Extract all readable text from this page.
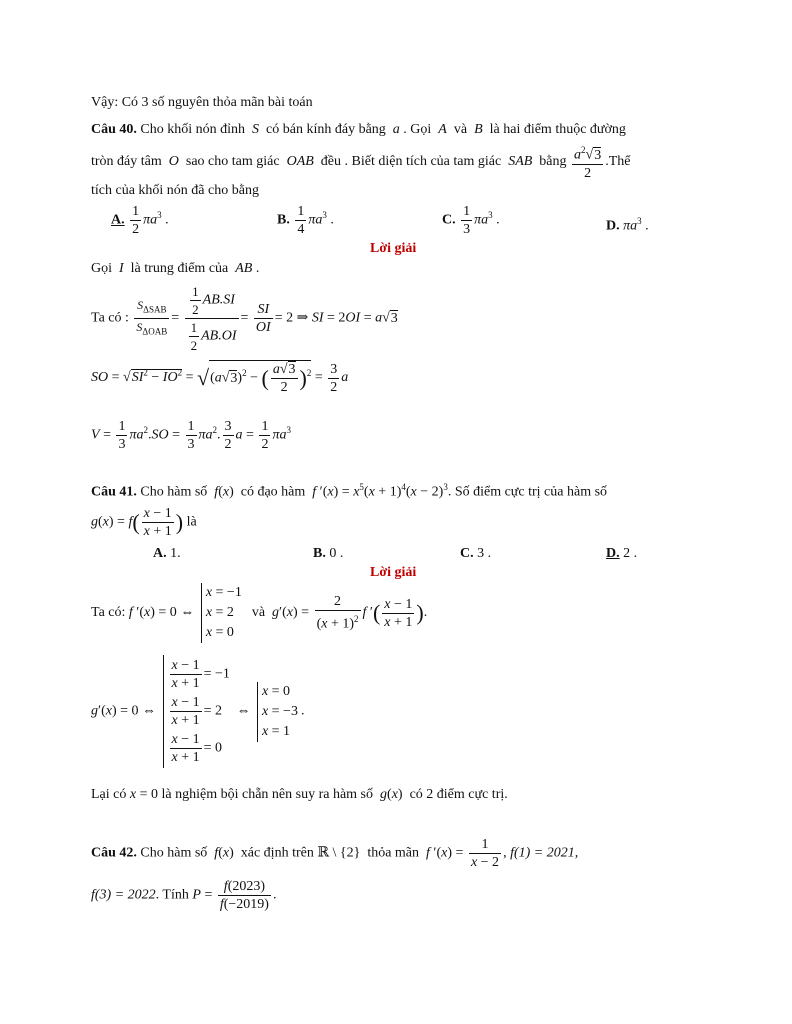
Vậy: Có 3 số nguyên thỏa mãn bài toán
Câu 40. Cho khối nón đỉnh S có bán kính đáy bằng a . Gọi A và B là hai điểm thuộc đường
tròn đáy tâm O sao cho tam giác OAB đều . Biết diện tích của tam giác SAB bằng $\frac{a^2√3}{2}$ .Thể
tích của khối nón đã cho bằng
A. $\frac{1}{2} \pi a^3$ .	B. $\frac{1}{4} \pi a^3$ .	C. $\frac{1}{3} \pi a^3$ .	D. $\pi a^3$ .
Lời giải
Gọi I là trung điểm của AB .
Ta có : $\frac{S_{\Delta SAB}}{S_{\Delta OAB}} = \frac{\frac{1}{2} AB.SI}{\frac{1}{2} AB.OI} = \frac{SI}{OI} = 2$ ⇒ SI = 2OI = a√3
SO = $√SI^2 - IO^2 = √(a√3)^2$ − ( $\frac{a√3}{2} )^2 = \frac{3}{2}$ a
$V = \frac{1}{3} \pi a^2.SO = \frac{1}{3} \pi a^2$. $\frac{3}{2}$ $a = \frac{1}{2} \pi a^3$
Câu 41. Cho hàm số f(x)  có đạo hàm f $'(x) = x^5(x + 1)^4(x - 2)^3$. Số điểm cực trị của hàm số
$g(x) = f( \frac{x - 1}{x + 1}$ ) là
A. 1.	B. 0 .	C. 3 .	D. 2 .
Lời giải
Ta có: f ′(x) = 0 ⇔
x = −1
x = 2
x = 0
và $g'(x) = \frac{2}{(x + 1)^2}$ f ′( $\frac{x - 1}{x + 1}$ ).
g′(x) = 0 ⇔
$\frac{x - 1}{x + 1} = -1$
$\frac{x - 1}{x + 1} = 2$
$\frac{x - 1}{x + 1} = 0$
⇔
x = 0
x = −3
x = 1
.
Lại có x = 0 là nghiệm bội chẵn nên suy ra hàm số g(x)  có 2 điểm cực trị.
Câu 42. Cho hàm số f(x)  xác định trên ℝ \ {2}  thỏa mãn f $'(x) = \frac{1}{x - 2}$ , f(1) = 2021,
f(3) = 2022. Tính $P = \frac{f(2023)}{f(-2019)}$ .
